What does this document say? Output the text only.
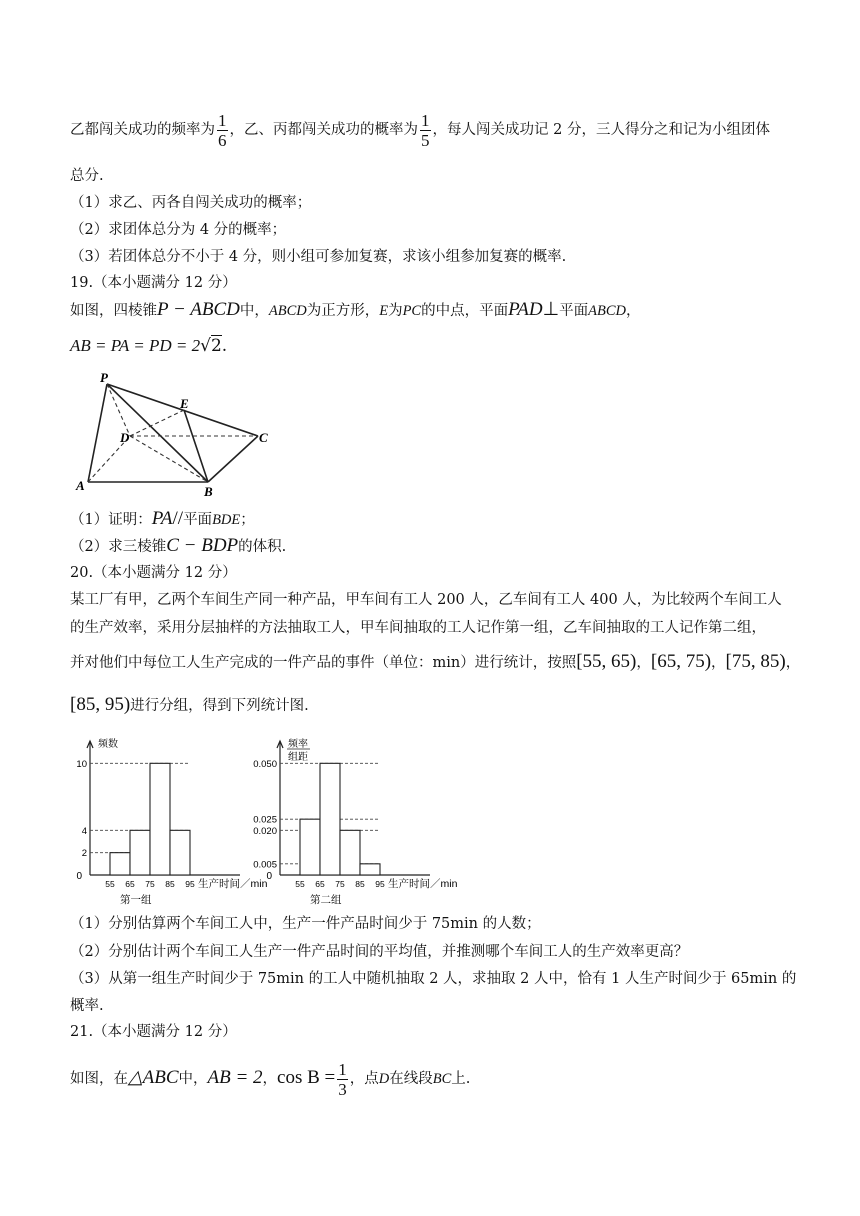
乙都闯关成功的频率为 $\frac{1}{6}$ ，乙、丙都闯关成功的概率为 $\frac{1}{5}$ ，每人闯关成功记 2 分，三人得分之和记为小组团体
总分.
（1）求乙、丙各自闯关成功的概率；
（2）求团体总分为 4 分的概率；
（3）若团体总分不小于 4 分，则小组可参加复赛，求该小组参加复赛的概率.
19.（本小题满分 12 分）
如图，四棱锥P − ABCD中，ABCD为正方形，E为PC的中点，平面PAD⊥平面ABCD，
AB = PA = PD = 2√2.
P
E
D	C
A	B
（1）证明：PA//平面BDE；
（2）求三棱锥C − BDP的体积.
20.（本小题满分 12 分）
某工厂有甲，乙两个车间生产同一种产品，甲车间有工人 200 人，乙车间有工人 400 人，为比较两个车间工人
的生产效率，采用分层抽样的方法抽取工人，甲车间抽取的工人记作第一组，乙车间抽取的工人记作第二组，
并对他们中每位工人生产完成的一件产品的事件（单位：min）进行统计，按照[55, 65)，[65, 75)，[75, 85)，
[85, 95)进行分组，得到下列统计图.
频数
0
2
4
10
55 65 75 85 95 生产时间／min
第一组
频率
组距
0
0.005
0.020
0.025
0.050
55 65 75 85 95 生产时间／min
第二组
（1）分别估算两个车间工人中，生产一件产品时间少于 75min 的人数；
（2）分别估计两个车间工人生产一件产品时间的平均值，并推测哪个车间工人的生产效率更高？
（3）从第一组生产时间少于 75min 的工人中随机抽取 2 人，求抽取 2 人中，恰有 1 人生产时间少于 65min 的
概率.
21.（本小题满分 12 分）
如图，在△ABC中，AB = 2，$\cos B = \frac{1}{3}$ ，点D在线段BC上.
